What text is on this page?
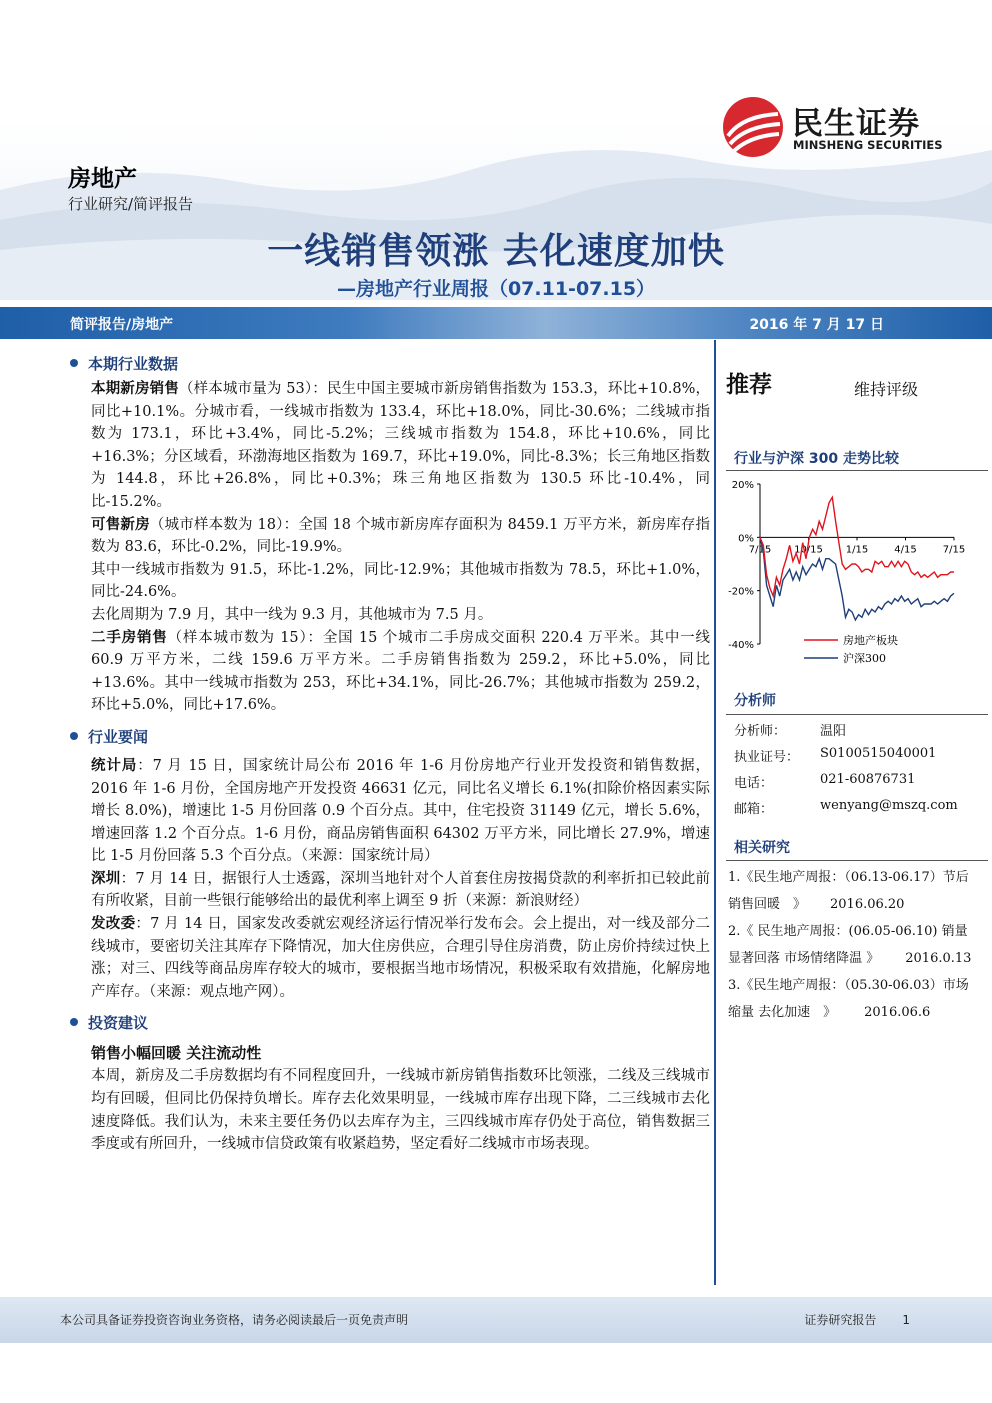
民生证券
MINSHENG SECURITIES
房地产
行业研究/简评报告
一线销售领涨 去化速度加快
—房地产行业周报（07.11-07.15）
简评报告/房地产	2016 年 7 月 17 日
本期行业数据

本期新房销售（样本城市量为 53）：民生中国主要城市新房销售指数为 153.3，环比+10.8%，同比+10.1%。分城市看，一线城市指数为 133.4，环比+18.0%，同比-30.6%；二线城市指数为 173.1，环比+3.4%，同比-5.2%；三线城市指数为 154.8，环比+10.6%，同比+16.3%；分区域看，环渤海地区指数为 169.7，环比+19.0%，同比-8.3%；长三角地区指数为 144.8，环比+26.8%，同比+0.3%；珠三角地区指数为 130.5 环比-10.4%，同比-15.2%。

可售新房（城市样本数为 18）：全国 18 个城市新房库存面积为 8459.1 万平方米，新房库存指数为 83.6，环比-0.2%，同比-19.9%。

其中一线城市指数为 91.5，环比-1.2%，同比-12.9%；其他城市指数为 78.5，环比+1.0%，同比-24.6%。

去化周期为 7.9 月，其中一线为 9.3 月，其他城市为 7.5 月。

二手房销售（样本城市数为 15）：全国 15 个城市二手房成交面积 220.4 万平米。其中一线 60.9 万平方米，二线 159.6 万平方米。二手房销售指数为 259.2，环比+5.0%，同比+13.6%。其中一线城市指数为 253，环比+34.1%，同比-26.7%；其他城市指数为 259.2，环比+5.0%，同比+17.6%。

行业要闻

统计局：7 月 15 日，国家统计局公布 2016 年 1-6 月份房地产行业开发投资和销售数据，2016 年 1-6 月份，全国房地产开发投资 46631 亿元，同比名义增长 6.1%(扣除价格因素实际增长 8.0%)，增速比 1-5 月份回落 0.9 个百分点。其中，住宅投资 31149 亿元，增长 5.6%，增速回落 1.2 个百分点。1-6 月份，商品房销售面积 64302 万平方米，同比增长 27.9%，增速比 1-5 月份回落 5.3 个百分点。（来源：国家统计局）

深圳：7 月 14 日，据银行人士透露，深圳当地针对个人首套住房按揭贷款的利率折扣已较此前有所收紧，目前一些银行能够给出的最优利率上调至 9 折（来源：新浪财经）

发改委：7 月 14 日，国家发改委就宏观经济运行情况举行发布会。会上提出，对一线及部分二线城市，要密切关注其库存下降情况，加大住房供应，合理引导住房消费，防止房价持续过快上涨；对三、四线等商品房库存较大的城市，要根据当地市场情况，积极采取有效措施，化解房地产库存。（来源：观点地产网）。

投资建议
销售小幅回暖 关注流动性

本周，新房及二手房数据均有不同程度回升，一线城市新房销售指数环比领涨，二线及三线城市均有回暖，但同比仍保持负增长。库存去化效果明显，一线城市库存出现下降，二三线城市去化速度降低。我们认为，未来主要任务仍以去库存为主，三四线城市库存仍处于高位，销售数据三季度或有所回升，一线城市信贷政策有收紧趋势，坚定看好二线城市市场表现。

推荐	维持评级
行业与沪深 300 走势比较
20%
0%
-20%
-40%
7/15 10/15 1/15	4/15	7/15
房地产板块
沪深300
分析师
分析师：	温阳
执业证号： S0100515040001
电话：	021-60876731
邮箱：	wenyang@mszq.com
相关研究
1.《民生地产周报：（06.13-06.17）节后
销售回暖　》 2016.06.20
2.《 民生地产周报：(06.05-06.10) 销量
显著回落 市场情绪降温 》 2016.0.13
3.《民生地产周报：（05.30-06.03）市场
缩量 去化加速　》 2016.06.6
本公司具备证券投资咨询业务资格，请务必阅读最后一页免责声明	证券研究报告 1
